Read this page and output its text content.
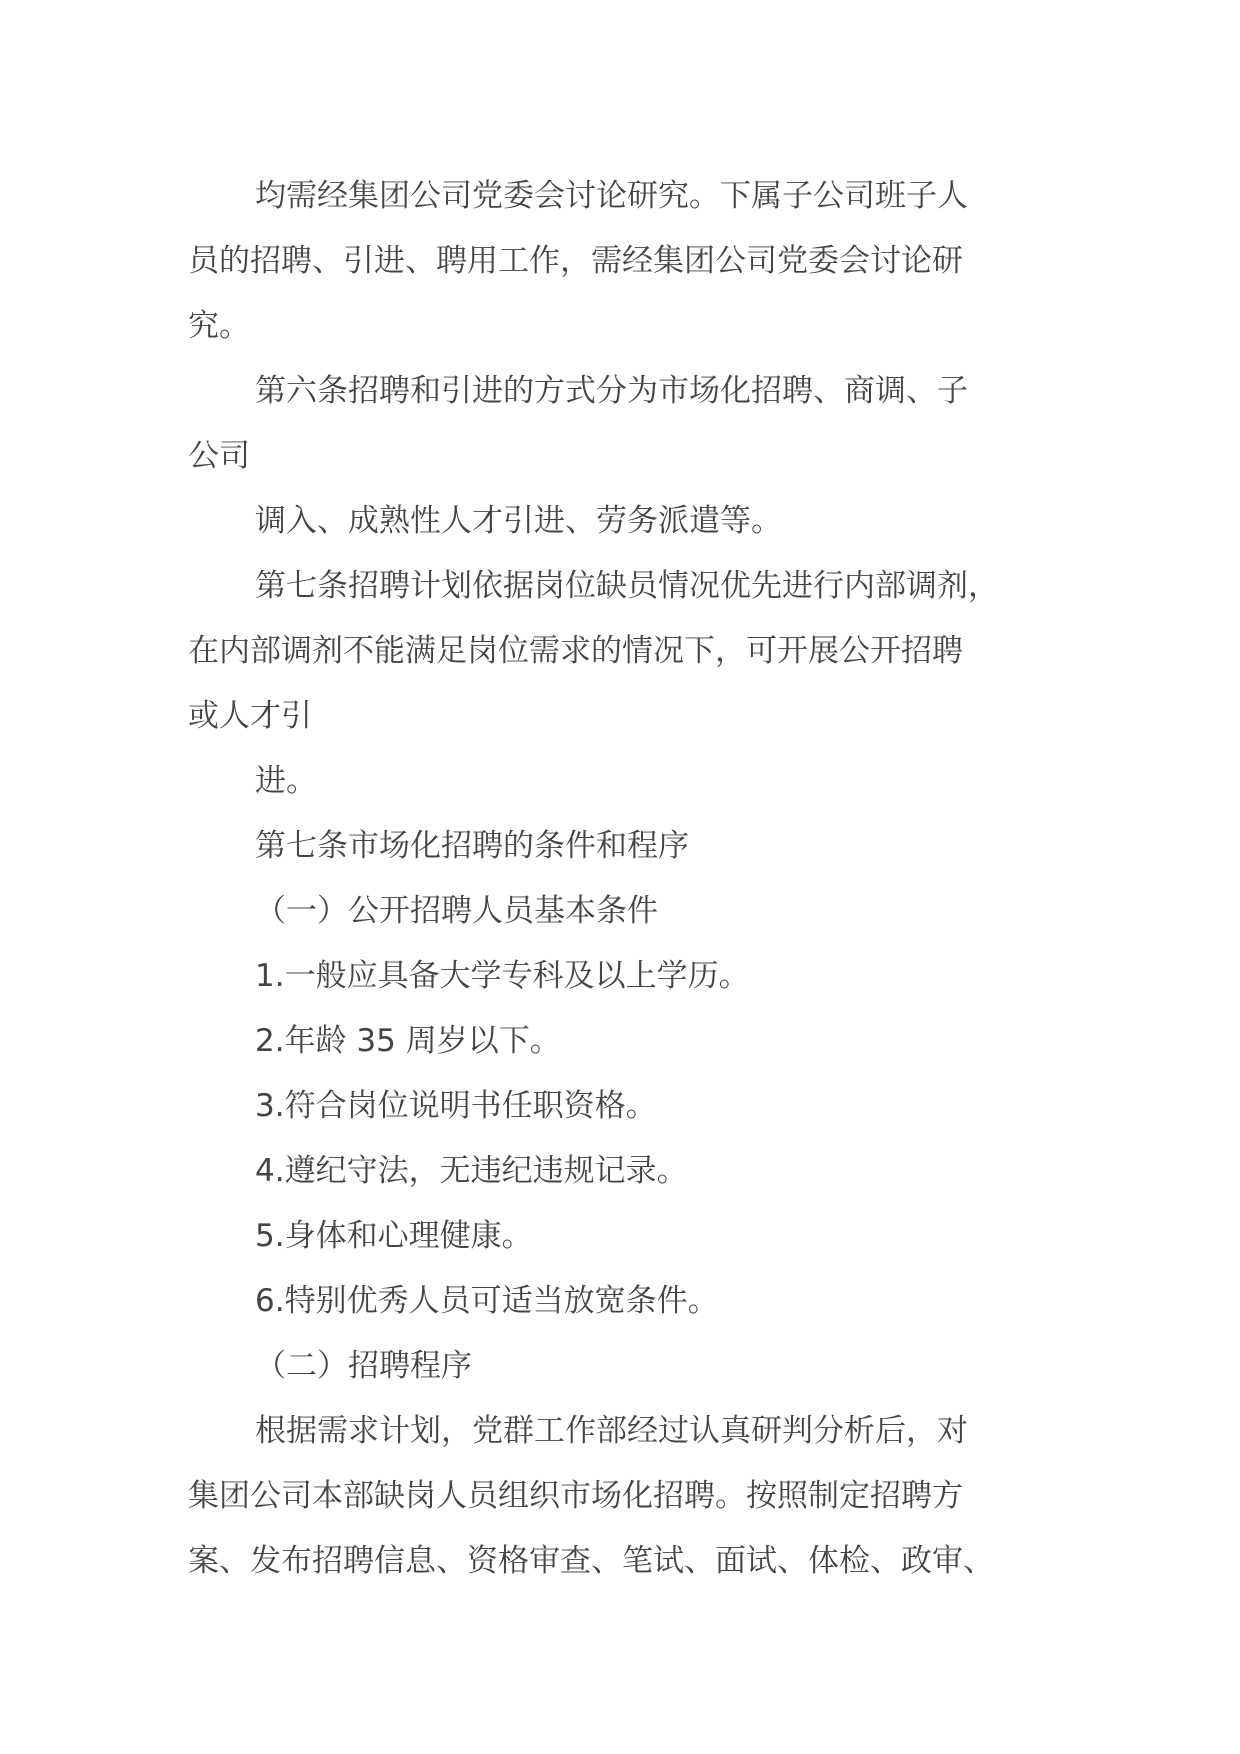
均需经集团公司党委会讨论研究。下属子公司班子人
员的招聘、引进、聘用工作，需经集团公司党委会讨论研
究。
第六条招聘和引进的方式分为市场化招聘、商调、子
公司
调入、成熟性人才引进、劳务派遣等。
第七条招聘计划依据岗位缺员情况优先进行内部调剂，
在内部调剂不能满足岗位需求的情况下，可开展公开招聘
或人才引
进。
第七条市场化招聘的条件和程序
（一）公开招聘人员基本条件
1.一般应具备大学专科及以上学历。
2.年龄 35 周岁以下。
3.符合岗位说明书任职资格。
4.遵纪守法，无违纪违规记录。
5.身体和心理健康。
6.特别优秀人员可适当放宽条件。
（二）招聘程序
根据需求计划，党群工作部经过认真研判分析后，对
集团公司本部缺岗人员组织市场化招聘。按照制定招聘方
案、发布招聘信息、资格审查、笔试、面试、体检、政审、
